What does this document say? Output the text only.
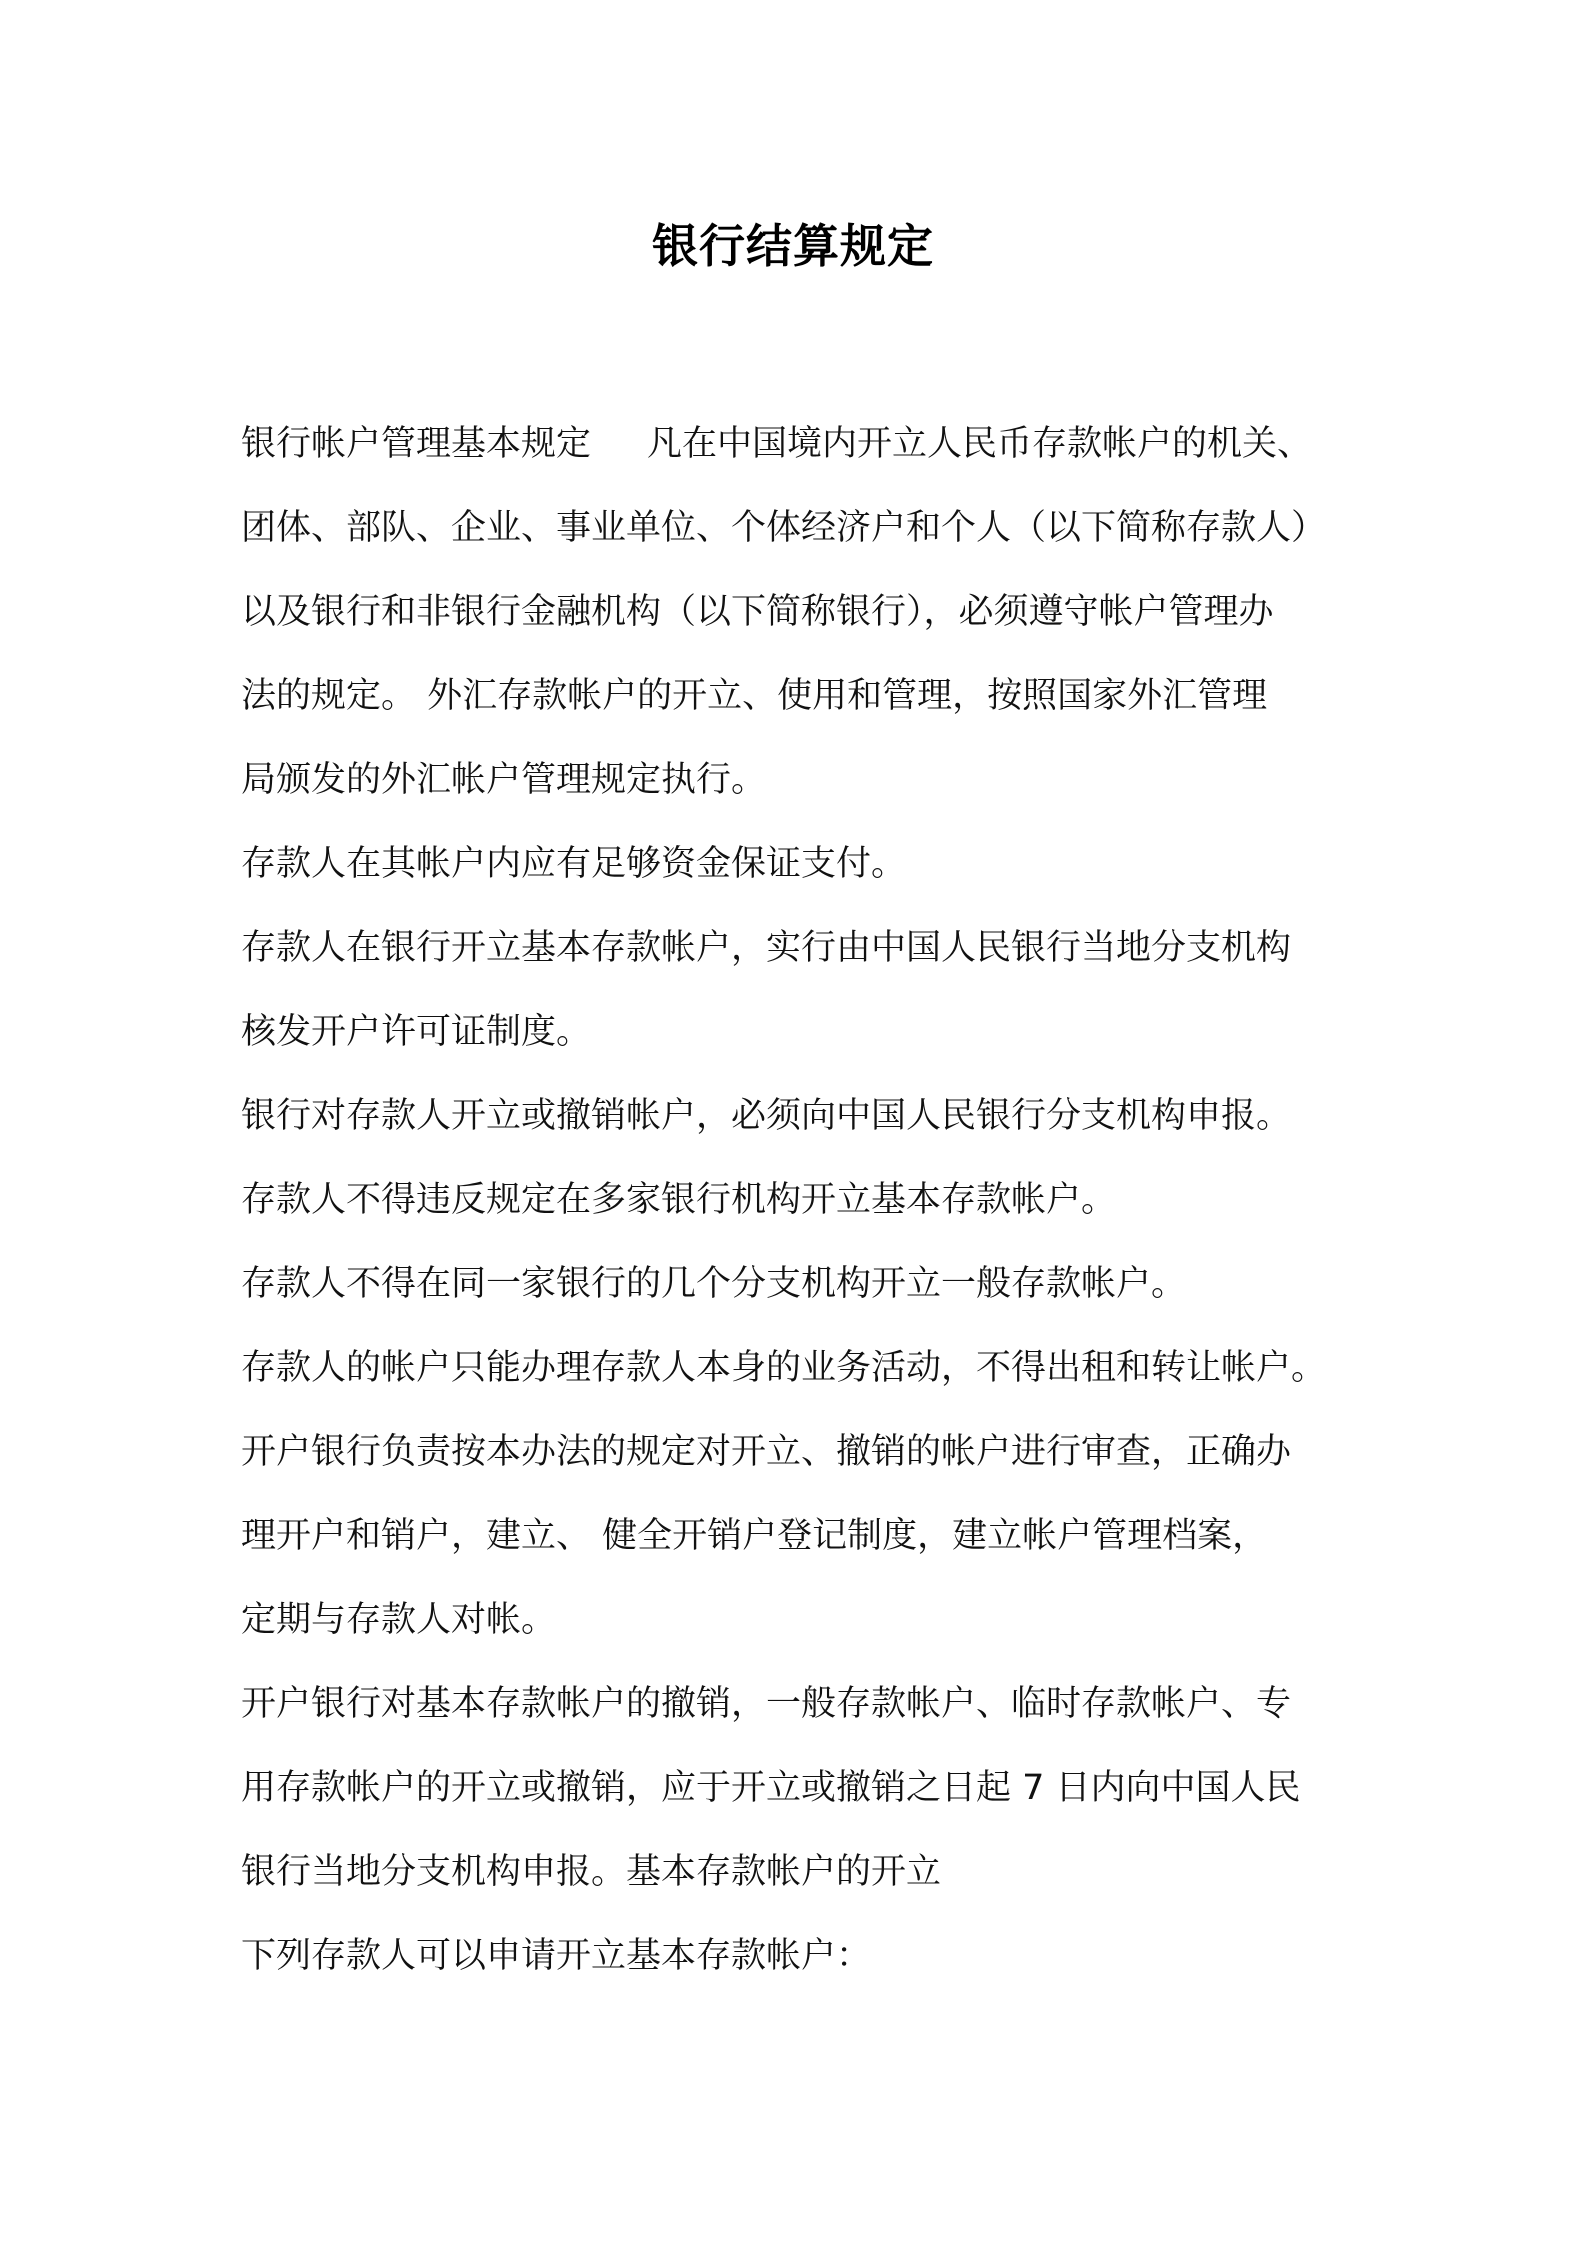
银行结算规定
银行帐户管理基本规定 凡在中国境内开立人民币存款帐户的机关、
团体、部队、企业、事业单位、个体经济户和个人（以下简称存款人）
以及银行和非银行金融机构（以下简称银行），必须遵守帐户管理办
法的规定。 外汇存款帐户的开立、使用和管理，按照国家外汇管理
局颁发的外汇帐户管理规定执行。
存款人在其帐户内应有足够资金保证支付。
存款人在银行开立基本存款帐户，实行由中国人民银行当地分支机构
核发开户许可证制度。
银行对存款人开立或撤销帐户，必须向中国人民银行分支机构申报。
存款人不得违反规定在多家银行机构开立基本存款帐户。
存款人不得在同一家银行的几个分支机构开立一般存款帐户。
存款人的帐户只能办理存款人本身的业务活动，不得出租和转让帐户。
开户银行负责按本办法的规定对开立、撤销的帐户进行审查，正确办
理开户和销户，建立、 健全开销户登记制度，建立帐户管理档案，
定期与存款人对帐。
开户银行对基本存款帐户的撤销，一般存款帐户、临时存款帐户、专
用存款帐户的开立或撤销，应于开立或撤销之日起 7 日内向中国人民
银行当地分支机构申报。基本存款帐户的开立
下列存款人可以申请开立基本存款帐户：
